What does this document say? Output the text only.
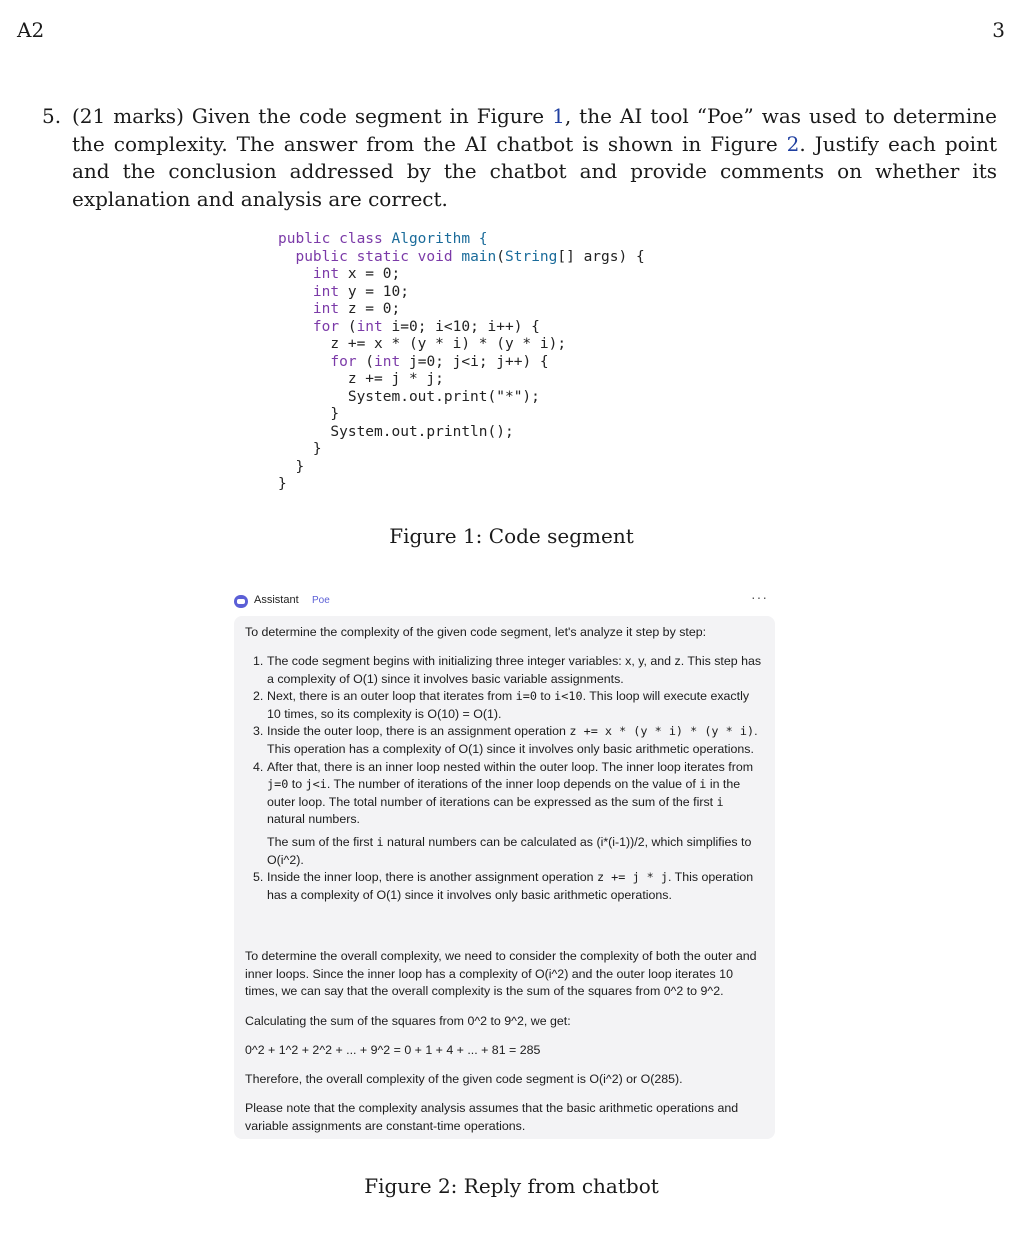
A2	3
5. (21 marks) Given the code segment in Figure 1, the AI tool “Poe” was used to determine the complexity. The answer from the AI chatbot is shown in Figure 2. Justify each point and the conclusion addressed by the chatbot and provide comments on whether its explanation and analysis are correct.
public class Algorithm {
public static void main(String[] args) {
int x = 0;
int y = 10;
int z = 0;
for (int i=0; i<10; i++) {
z += x * (y * i) * (y * i);
for (int j=0; j<i; j++) {
z += j * j;
System.out.print("*");
}
System.out.println();
}
}
}
Figure 1: Code segment
Assistant Poe	···

To determine the complexity of the given code segment, let's analyze it step by step:

1. The code segment begins with initializing three integer variables: x, y, and z. This step has a complexity of O(1) since it involves basic variable assignments.
2. Next, there is an outer loop that iterates from i=0 to i<10. This loop will execute exactly 10 times, so its complexity is O(10) = O(1).
3. Inside the outer loop, there is an assignment operation z += x * (y * i) * (y * i). This operation has a complexity of O(1) since it involves only basic arithmetic operations.
4. After that, there is an inner loop nested within the outer loop. The inner loop iterates from j=0 to j<i. The number of iterations of the inner loop depends on the value of i in the outer loop. The total number of iterations can be expressed as the sum of the first i natural numbers.

The sum of the first i natural numbers can be calculated as (i*(i-1))/2, which simplifies to O(i^2).

5. Inside the inner loop, there is another assignment operation z += j * j. This operation has a complexity of O(1) since it involves only basic arithmetic operations.

To determine the overall complexity, we need to consider the complexity of both the outer and inner loops. Since the inner loop has a complexity of O(i^2) and the outer loop iterates 10 times, we can say that the overall complexity is the sum of the squares from 0^2 to 9^2.

Calculating the sum of the squares from 0^2 to 9^2, we get:

0^2 + 1^2 + 2^2 + ... + 9^2 = 0 + 1 + 4 + ... + 81 = 285

Therefore, the overall complexity of the given code segment is O(i^2) or O(285).

Please note that the complexity analysis assumes that the basic arithmetic operations and variable assignments are constant-time operations.

Figure 2: Reply from chatbot
